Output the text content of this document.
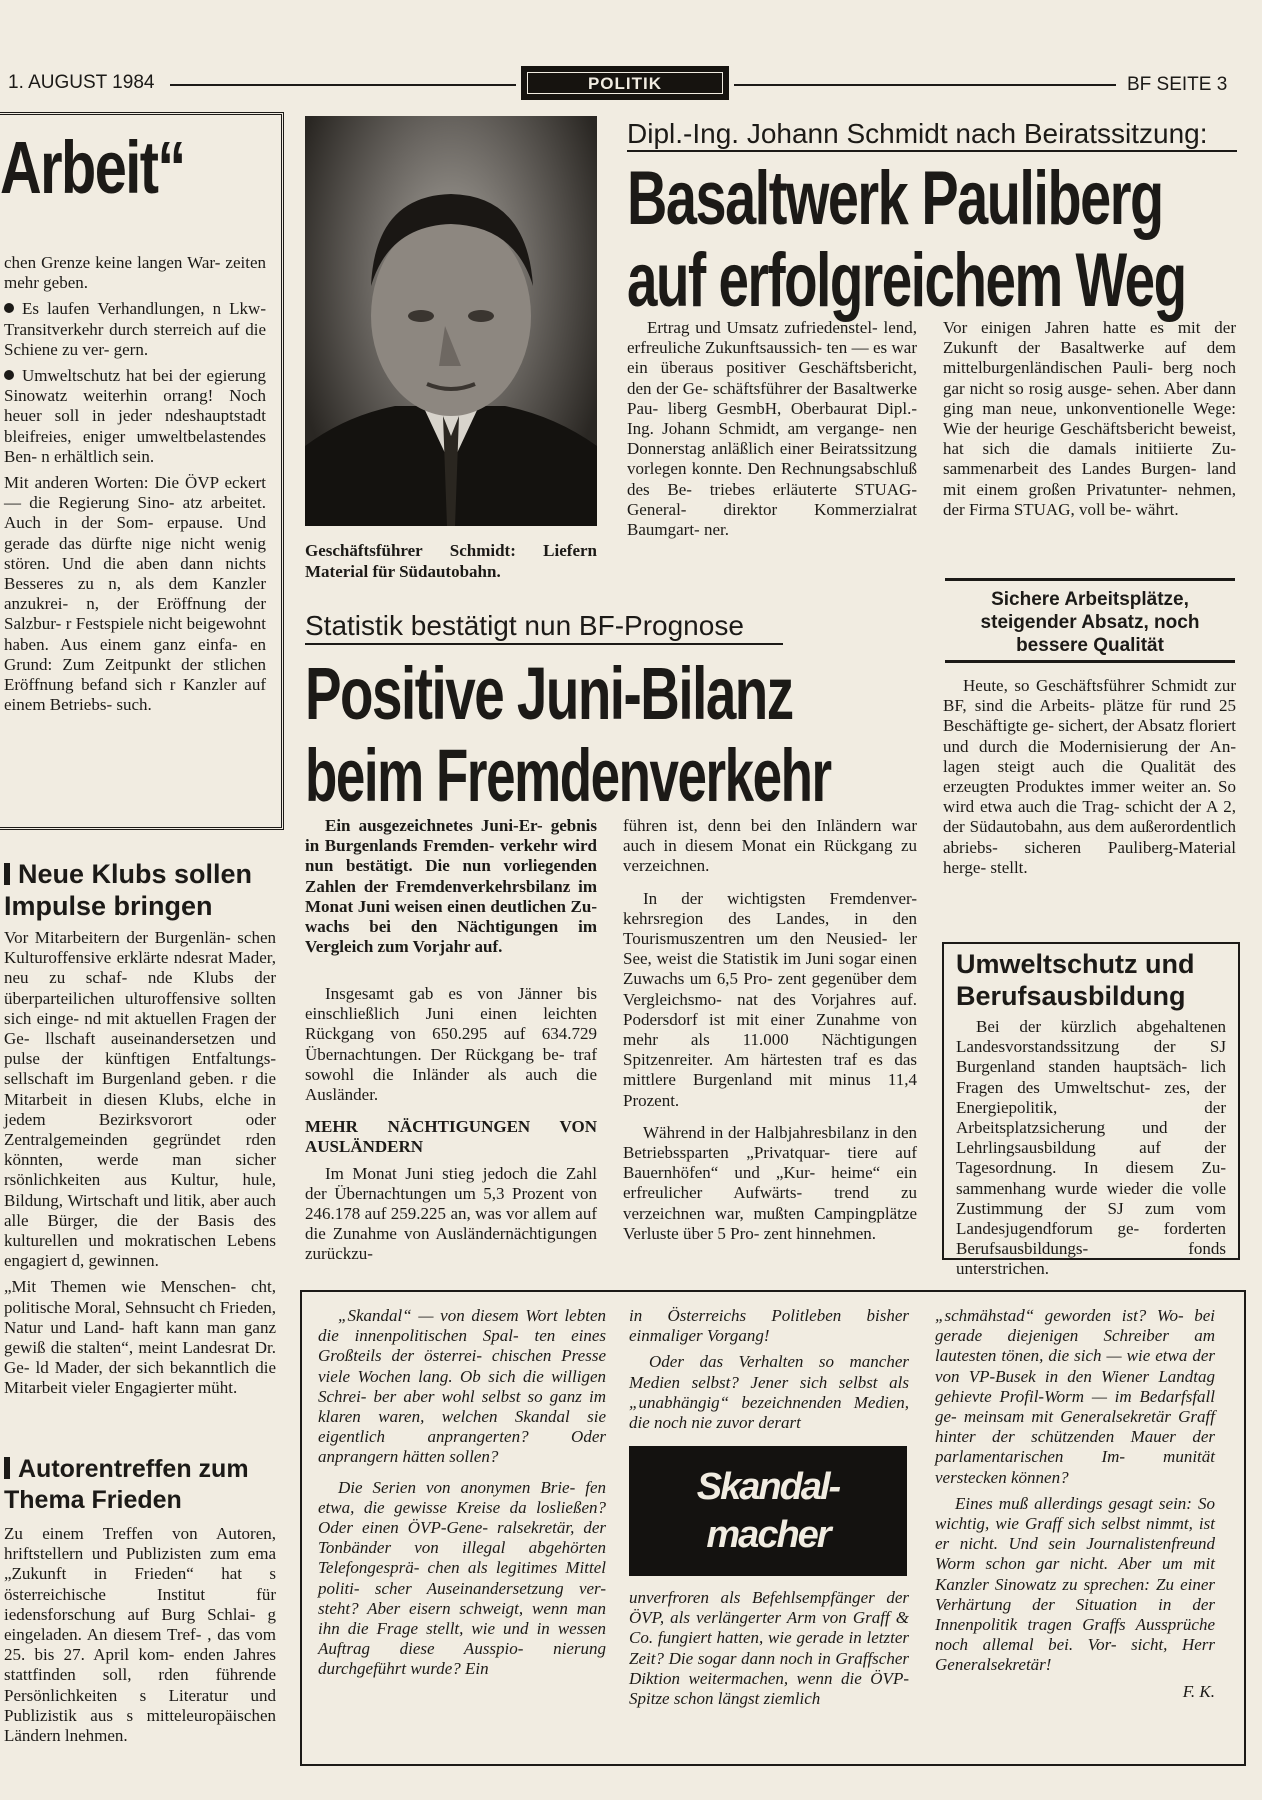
1. AUGUST 1984	POLITIK	BF SEITE 3
Arbeit“

chen Grenze keine langen War- zeiten mehr geben.

Es laufen Verhandlungen, n Lkw-Transitverkehr durch sterreich auf die Schiene zu ver- gern.

Umweltschutz hat bei der egierung Sinowatz weiterhin orrang! Noch heuer soll in jeder ndeshauptstadt bleifreies, eniger umweltbelastendes Ben- n erhältlich sein.

Mit anderen Worten: Die ÖVP eckert — die Regierung Sino- atz arbeitet. Auch in der Som- erpause. Und gerade das dürfte nige nicht wenig stören. Und die aben dann nichts Besseres zu n, als dem Kanzler anzukrei- n, der Eröffnung der Salzbur- r Festspiele nicht beigewohnt haben. Aus einem ganz einfa- en Grund: Zum Zeitpunkt der stlichen Eröffnung befand sich r Kanzler auf einem Betriebs- such.

Neue Klubs sollen Impulse bringen

Vor Mitarbeitern der Burgenlän- schen Kulturoffensive erklärte ndesrat Mader, neu zu schaf- nde Klubs der überparteilichen ulturoffensive sollten sich einge- nd mit aktuellen Fragen der Ge- llschaft auseinandersetzen und pulse der künftigen Entfaltungs- sellschaft im Burgenland geben. r die Mitarbeit in diesen Klubs, elche in jedem Bezirksvorort oder Zentralgemeinden gegründet rden könnten, werde man sicher rsönlichkeiten aus Kultur, hule, Bildung, Wirtschaft und litik, aber auch alle Bürger, die der Basis des kulturellen und mokratischen Lebens engagiert d, gewinnen.

„Mit Themen wie Menschen- cht, politische Moral, Sehnsucht ch Frieden, Natur und Land- haft kann man ganz gewiß die stalten“, meint Landesrat Dr. Ge- ld Mader, der sich bekanntlich die Mitarbeit vieler Engagierter müht.

Autorentreffen zum Thema Frieden

Zu einem Treffen von Autoren, hriftstellern und Publizisten zum ema „Zukunft in Frieden“ hat s österreichische Institut für iedensforschung auf Burg Schlai- g eingeladen. An diesem Tref- , das vom 25. bis 27. April kom- enden Jahres stattfinden soll, rden führende Persönlichkeiten s Literatur und Publizistik aus s mitteleuropäischen Ländern lnehmen.

Geschäftsführer Schmidt: Liefern Material für Südautobahn.
Dipl.-Ing. Johann Schmidt nach Beiratssitzung:
Basaltwerk Pauliberg
auf erfolgreichem Weg

Ertrag und Umsatz zufriedenstel- lend, erfreuliche Zukunftsaussich- ten — es war ein überaus positiver Geschäftsbericht, den der Ge- schäftsführer der Basaltwerke Pau- liberg GesmbH, Oberbaurat Dipl.- Ing. Johann Schmidt, am vergange- nen Donnerstag anläßlich einer Beiratssitzung vorlegen konnte. Den Rechnungsabschluß des Be- triebes erläuterte STUAG-General- direktor Kommerzialrat Baumgart- ner.

Vor einigen Jahren hatte es mit der Zukunft der Basaltwerke auf dem mittelburgenländischen Pauli- berg noch gar nicht so rosig ausge- sehen. Aber dann ging man neue, unkonventionelle Wege: Wie der heurige Geschäftsbericht beweist, hat sich die damals initiierte Zu- sammenarbeit des Landes Burgen- land mit einem großen Privatunter- nehmen, der Firma STUAG, voll be- währt.

Sichere Arbeitsplätze, steigender Absatz, noch bessere Qualität

Heute, so Geschäftsführer Schmidt zur BF, sind die Arbeits- plätze für rund 25 Beschäftigte ge- sichert, der Absatz floriert und durch die Modernisierung der An- lagen steigt auch die Qualität des erzeugten Produktes immer weiter an. So wird etwa auch die Trag- schicht der A 2, der Südautobahn, aus dem außerordentlich abriebs- sicheren Pauliberg-Material herge- stellt.

Statistik bestätigt nun BF-Prognose
Positive Juni-Bilanz
beim Fremdenverkehr

Ein ausgezeichnetes Juni-Er- gebnis in Burgenlands Fremden- verkehr wird nun bestätigt. Die nun vorliegenden Zahlen der Fremdenverkehrsbilanz im Monat Juni weisen einen deutlichen Zu- wachs bei den Nächtigungen im Vergleich zum Vorjahr auf.

Insgesamt gab es von Jänner bis einschließlich Juni einen leichten Rückgang von 650.295 auf 634.729 Übernachtungen. Der Rückgang be- traf sowohl die Inländer als auch die Ausländer.

MEHR NÄCHTIGUNGEN VON AUSLÄNDERN

Im Monat Juni stieg jedoch die Zahl der Übernachtungen um 5,3 Prozent von 246.178 auf 259.225 an, was vor allem auf die Zunahme von Ausländernächtigungen zurückzu-

führen ist, denn bei den Inländern war auch in diesem Monat ein Rückgang zu verzeichnen.

In der wichtigsten Fremdenver- kehrsregion des Landes, in den Tourismuszentren um den Neusied- ler See, weist die Statistik im Juni sogar einen Zuwachs um 6,5 Pro- zent gegenüber dem Vergleichsmo- nat des Vorjahres auf. Podersdorf ist mit einer Zunahme von mehr als 11.000 Nächtigungen Spitzenreiter. Am härtesten traf es das mittlere Burgenland mit minus 11,4 Prozent.

Während in der Halbjahresbilanz in den Betriebssparten „Privatquar- tiere auf Bauernhöfen“ und „Kur- heime“ ein erfreulicher Aufwärts- trend zu verzeichnen war, mußten Campingplätze Verluste über 5 Pro- zent hinnehmen.

Umweltschutz und Berufsausbildung

Bei der kürzlich abgehaltenen Landesvorstandssitzung der SJ Burgenland standen hauptsäch- lich Fragen des Umweltschut- zes, der Energiepolitik, der Arbeitsplatzsicherung und der Lehrlingsausbildung auf der Tagesordnung. In diesem Zu- sammenhang wurde wieder die volle Zustimmung der SJ zum vom Landesjugendforum ge- forderten Berufsausbildungs- fonds unterstrichen.

„Skandal“ — von diesem Wort lebten die innenpolitischen Spal- ten eines Großteils der österrei- chischen Presse viele Wochen lang. Ob sich die willigen Schrei- ber aber wohl selbst so ganz im klaren waren, welchen Skandal sie eigentlich anprangerten? Oder anprangern hätten sollen?

Die Serien von anonymen Brie- fen etwa, die gewisse Kreise da losließen? Oder einen ÖVP-Gene- ralsekretär, der Tonbänder von illegal abgehörten Telefongesprä- chen als legitimes Mittel politi- scher Auseinandersetzung ver- steht? Aber eisern schweigt, wenn man ihn die Frage stellt, wie und in wessen Auftrag diese Ausspio- nierung durchgeführt wurde? Ein

in Österreichs Politleben bisher einmaliger Vorgang!

Oder das Verhalten so mancher Medien selbst? Jener sich selbst als „unabhängig“ bezeichnenden Medien, die noch nie zuvor derart

Skandal-
macher

unverfroren als Befehlsempfänger der ÖVP, als verlängerter Arm von Graff & Co. fungiert hatten, wie gerade in letzter Zeit? Die sogar dann noch in Graffscher Diktion weitermachen, wenn die ÖVP- Spitze schon längst ziemlich

„schmähstad“ geworden ist? Wo- bei gerade diejenigen Schreiber am lautesten tönen, die sich — wie etwa der von VP-Busek in den Wiener Landtag gehievte Profil-Worm — im Bedarfsfall ge- meinsam mit Generalsekretär Graff hinter der schützenden Mauer der parlamentarischen Im- munität verstecken können?

Eines muß allerdings gesagt sein: So wichtig, wie Graff sich selbst nimmt, ist er nicht. Und sein Journalistenfreund Worm schon gar nicht. Aber um mit Kanzler Sinowatz zu sprechen: Zu einer Verhärtung der Situation in der Innenpolitik tragen Graffs Aussprüche noch allemal bei. Vor- sicht, Herr Generalsekretär!

F. K.
